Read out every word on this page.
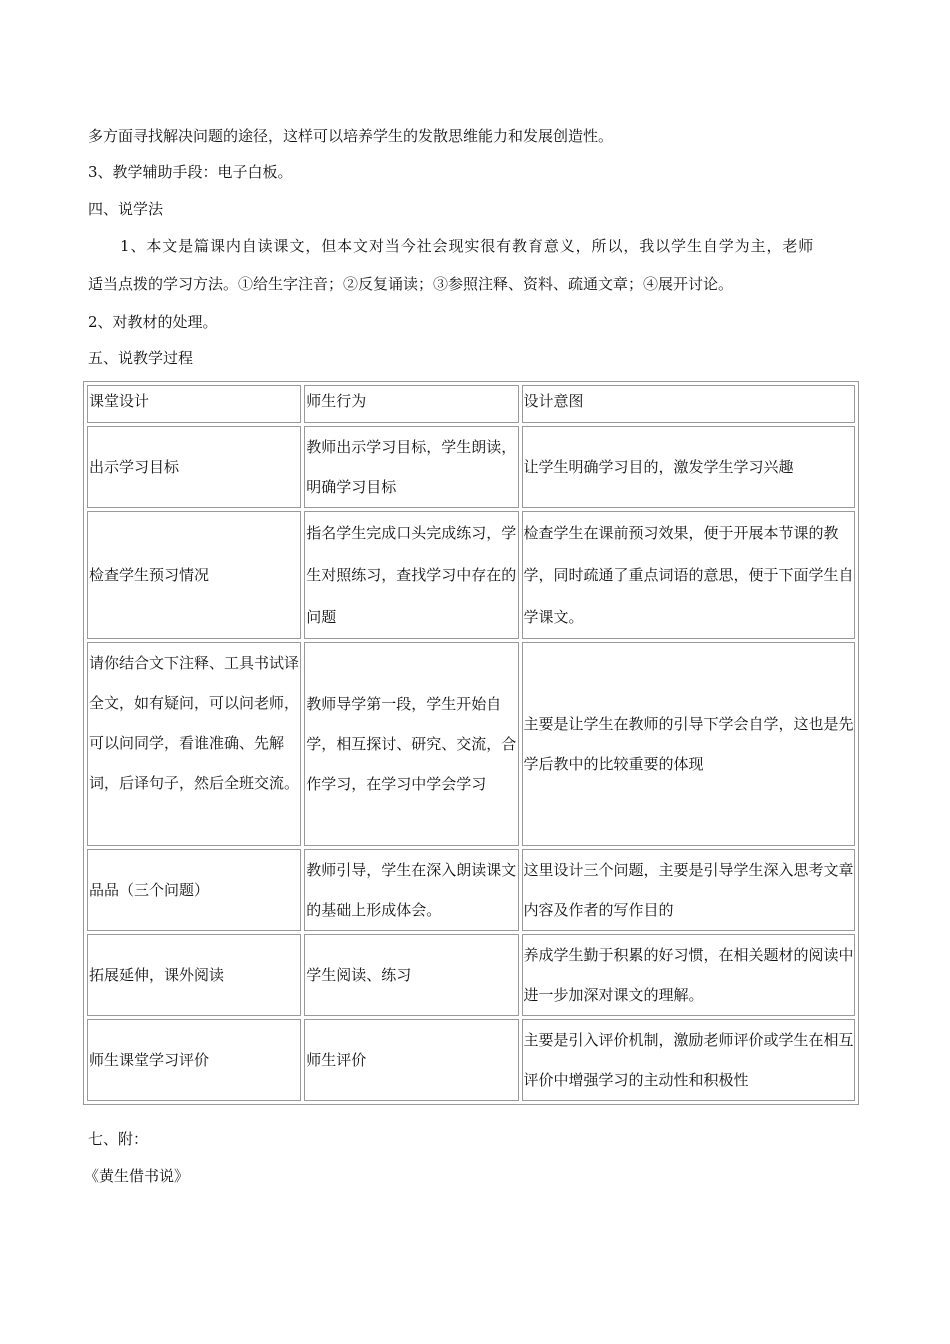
多方面寻找解决问题的途径，这样可以培养学生的发散思维能力和发展创造性。
3、教学辅助手段：电子白板。
四、说学法
1、本文是篇课内自读课文，但本文对当今社会现实很有教育意义，所以，我以学生自学为主，老师
适当点拨的学习方法。①给生字注音；②反复诵读；③参照注释、资料、疏通文章；④展开讨论。
2、对教材的处理。
五、说教学过程
课堂设计	师生行为	设计意图
出示学习目标	教师出示学习目标，学生朗读，明确学习目标	让学生明确学习目的，激发学生学习兴趣
检查学生预习情况	指名学生完成口头完成练习，学生对照练习，查找学习中存在的问题	检查学生在课前预习效果，便于开展本节课的教学，同时疏通了重点词语的意思，便于下面学生自学课文。
请你结合文下注释、工具书试译全文，如有疑问，可以问老师，可以问同学，看谁准确、先解词，后译句子，然后全班交流。	教师导学第一段，学生开始自学，相互探讨、研究、交流，合作学习，在学习中学会学习	主要是让学生在教师的引导下学会自学，这也是先学后教中的比较重要的体现
品品（三个问题）	教师引导，学生在深入朗读课文的基础上形成体会。	这里设计三个问题，主要是引导学生深入思考文章内容及作者的写作目的
拓展延伸，课外阅读	学生阅读、练习	养成学生勤于积累的好习惯，在相关题材的阅读中进一步加深对课文的理解。
师生课堂学习评价	师生评价	主要是引入评价机制，激励老师评价或学生在相互评价中增强学习的主动性和积极性
七、附：
《黄生借书说》
